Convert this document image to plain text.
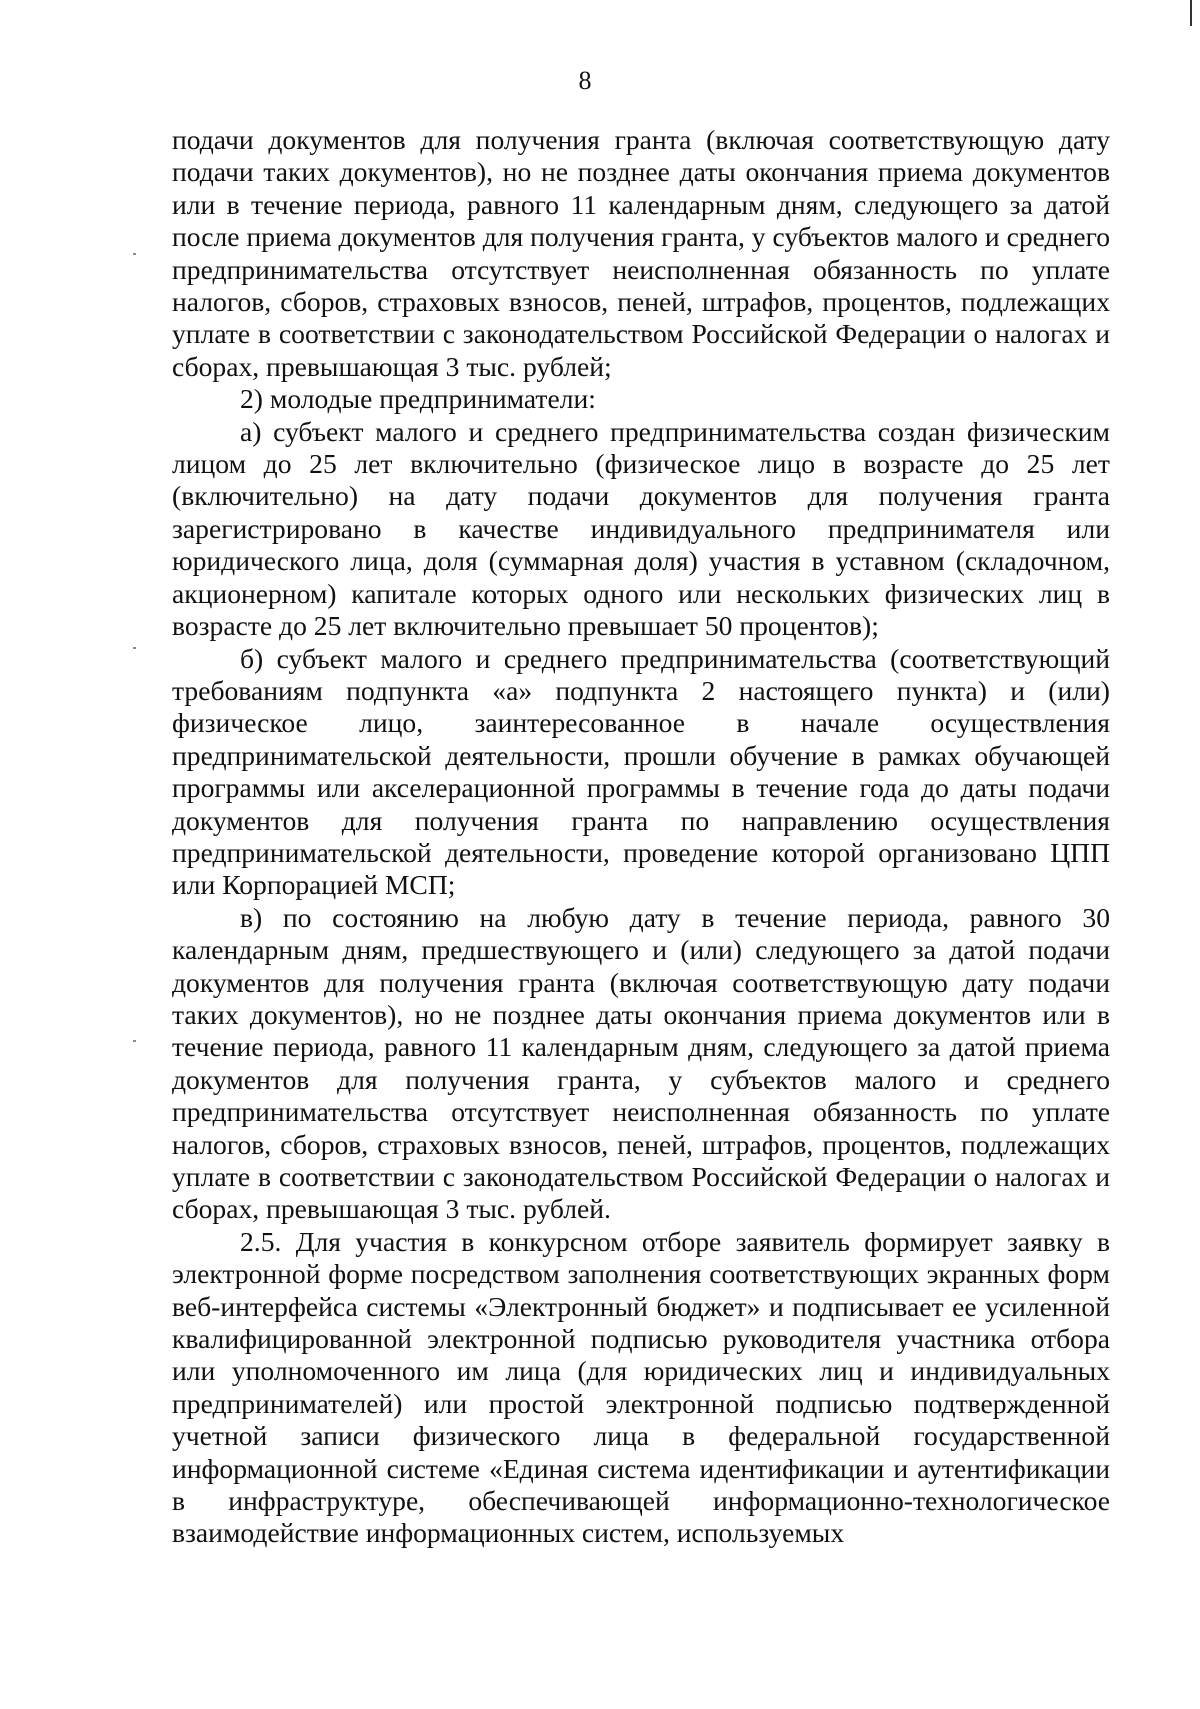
8

подачи документов для получения гранта (включая соответствующую дату подачи таких документов), но не позднее даты окончания приема документов или в течение периода, равного 11 календарным дням, следующего за датой после приема документов для получения гранта, у субъектов малого и среднего предпринимательства отсутствует неисполненная обязанность по уплате налогов, сборов, страховых взносов, пеней, штрафов, процентов, подлежащих уплате в соответствии с законодательством Российской Федерации о налогах и сборах, превышающая 3 тыс. рублей;

2) молодые предприниматели:

а) субъект малого и среднего предпринимательства создан физическим лицом до 25 лет включительно (физическое лицо в возрасте до 25 лет (включительно) на дату подачи документов для получения гранта зарегистрировано в качестве индивидуального предпринимателя или юридического лица, доля (суммарная доля) участия в уставном (складочном, акционерном) капитале которых одного или нескольких физических лиц в возрасте до 25 лет включительно превышает 50 процентов);

б) субъект малого и среднего предпринимательства (соответствующий требованиям подпункта «а» подпункта 2 настоящего пункта) и (или) физическое лицо, заинтересованное в начале осуществления предпринимательской деятельности, прошли обучение в рамках обучающей программы или акселерационной программы в течение года до даты подачи документов для получения гранта по направлению осуществления предпринимательской деятельности, проведение которой организовано ЦПП или Корпорацией МСП;

в) по состоянию на любую дату в течение периода, равного 30 календарным дням, предшествующего и (или) следующего за датой подачи документов для получения гранта (включая соответствующую дату подачи таких документов), но не позднее даты окончания приема документов или в течение периода, равного 11 календарным дням, следующего за датой приема документов для получения гранта, у субъектов малого и среднего предпринимательства отсутствует неисполненная обязанность по уплате налогов, сборов, страховых взносов, пеней, штрафов, процентов, подлежащих уплате в соответствии с законодательством Российской Федерации о налогах и сборах, превышающая 3 тыс. рублей.

2.5. Для участия в конкурсном отборе заявитель формирует заявку в электронной форме посредством заполнения соответствующих экранных форм веб-интерфейса системы «Электронный бюджет» и подписывает ее усиленной квалифицированной электронной подписью руководителя участника отбора или уполномоченного им лица (для юридических лиц и индивидуальных предпринимателей) или простой электронной подписью подтвержденной учетной записи физического лица в федеральной государственной информационной системе «Единая система идентификации и аутентификации в инфраструктуре, обеспечивающей информационно-технологическое взаимодействие информационных систем, используемых
